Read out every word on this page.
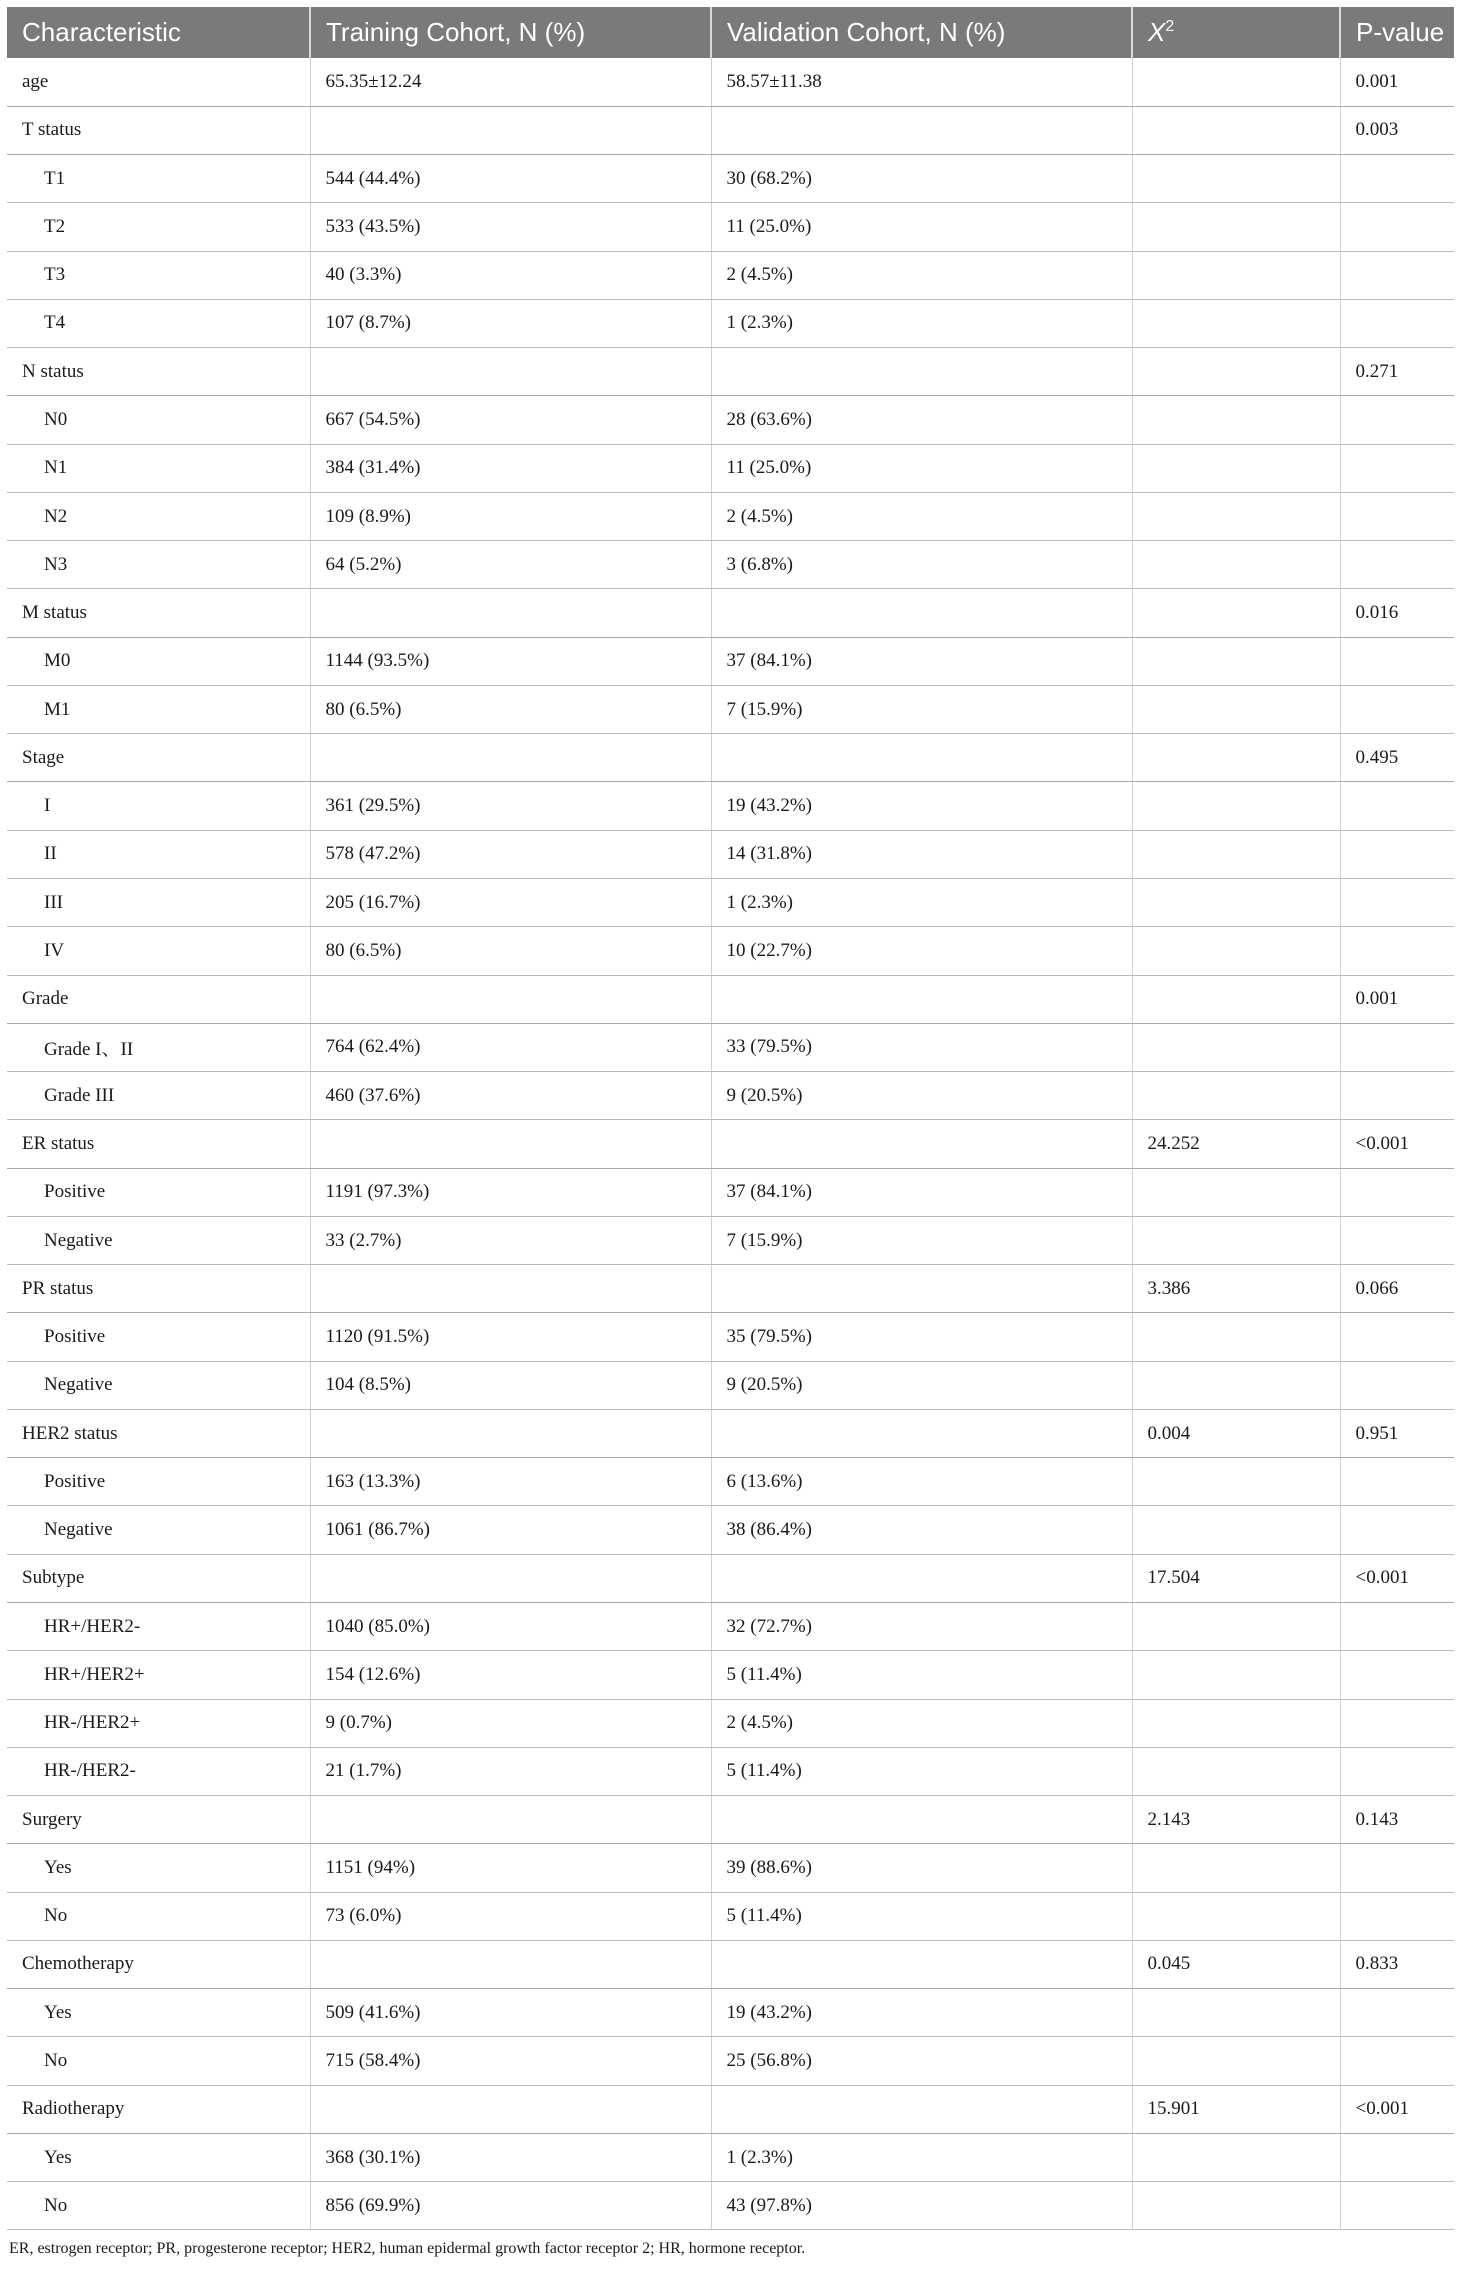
Characteristic	Training Cohort, N (%)	Validation Cohort, N (%)	$X^2$	P-value
age	65.35±12.24	58.57±11.38		0.001
T status				0.003
T1	544 (44.4%)	30 (68.2%)		
T2	533 (43.5%)	11 (25.0%)		
T3	40 (3.3%)	2 (4.5%)		
T4	107 (8.7%)	1 (2.3%)		
N status				0.271
N0	667 (54.5%)	28 (63.6%)		
N1	384 (31.4%)	11 (25.0%)		
N2	109 (8.9%)	2 (4.5%)		
N3	64 (5.2%)	3 (6.8%)		
M status				0.016
M0	1144 (93.5%)	37 (84.1%)		
M1	80 (6.5%)	7 (15.9%)		
Stage				0.495
I	361 (29.5%)	19 (43.2%)		
II	578 (47.2%)	14 (31.8%)		
III	205 (16.7%)	1 (2.3%)		
IV	80 (6.5%)	10 (22.7%)		
Grade				0.001
Grade I、II	764 (62.4%)	33 (79.5%)		
Grade III	460 (37.6%)	9 (20.5%)		
ER status			24.252	<0.001
Positive	1191 (97.3%)	37 (84.1%)		
Negative	33 (2.7%)	7 (15.9%)		
PR status			3.386	0.066
Positive	1120 (91.5%)	35 (79.5%)		
Negative	104 (8.5%)	9 (20.5%)		
HER2 status			0.004	0.951
Positive	163 (13.3%)	6 (13.6%)		
Negative	1061 (86.7%)	38 (86.4%)		
Subtype			17.504	<0.001
HR+/HER2-	1040 (85.0%)	32 (72.7%)		
HR+/HER2+	154 (12.6%)	5 (11.4%)		
HR-/HER2+	9 (0.7%)	2 (4.5%)		
HR-/HER2-	21 (1.7%)	5 (11.4%)		
Surgery			2.143	0.143
Yes	1151 (94%)	39 (88.6%)		
No	73 (6.0%)	5 (11.4%)		
Chemotherapy			0.045	0.833
Yes	509 (41.6%)	19 (43.2%)		
No	715 (58.4%)	25 (56.8%)		
Radiotherapy			15.901	<0.001
Yes	368 (30.1%)	1 (2.3%)		
No	856 (69.9%)	43 (97.8%)		
ER, estrogen receptor; PR, progesterone receptor; HER2, human epidermal growth factor receptor 2; HR, hormone receptor.
